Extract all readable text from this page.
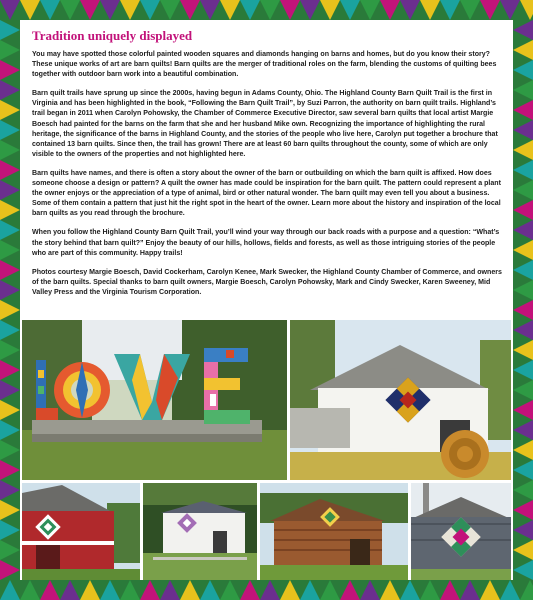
Tradition uniquely displayed

You may have spotted those colorful painted wooden squares and diamonds hanging on barns and homes, but do you know their story? These unique works of art are barn quilts! Barn quilts are the merger of traditional roles on the farm, blending the customs of quilting bees together with outdoor barn work into a beautiful combination.

Barn quilt trails have sprung up since the 2000s, having begun in Adams County, Ohio. The Highland County Barn Quilt Trail is the first in Virginia and has been highlighted in the book, “Following the Barn Quilt Trail”, by Suzi Parron, the authority on barn quilt trails. Highland’s trail began in 2011 when Carolyn Pohowsky, the Chamber of Commerce Executive Director, saw several barn quilts that local artist Margie Boesch had painted for the barns on the farm that she and her husband Mike own. Recognizing the importance of highlighting the rural heritage, the significance of the barns in Highland County, and the stories of the people who live here, Carolyn put together a brochure that contained 13 barn quilts. Since then, the trail has grown! There are at least 60 barn quilts throughout the county, some of which are only visible to the owners of the properties and not highlighted here.

Barn quilts have names, and there is often a story about the owner of the barn or outbuilding on which the barn quilt is affixed. How does someone choose a design or pattern? A quilt the owner has made could be inspiration for the barn quilt. The pattern could represent a plant the owner enjoys or the appreciation of a type of animal, bird or other natural wonder. The barn quilt may even tell you about a business. Some of them contain a pattern that just hit the right spot in the heart of the owner. Learn more about the history and inspiration of the local barn quilts as you read through the brochure.

When you follow the Highland County Barn Quilt Trail, you’ll wind your way through our back roads with a purpose and a question: “What’s the story behind that barn quilt?” Enjoy the beauty of our hills, hollows, fields and forests, as well as those intriguing stories of the people who are part of this community. Happy trails!

Photos courtesy Margie Boesch, David Cockerham, Carolyn Kenee, Mark Swecker, the Highland County Chamber of Commerce, and owners of the barn quilts. Special thanks to barn quilt owners, Margie Boesch, Carolyn Pohowsky, Mark and Cindy Swecker, Karen Sweeney, Mid Valley Press and the Virginia Tourism Corporation.
